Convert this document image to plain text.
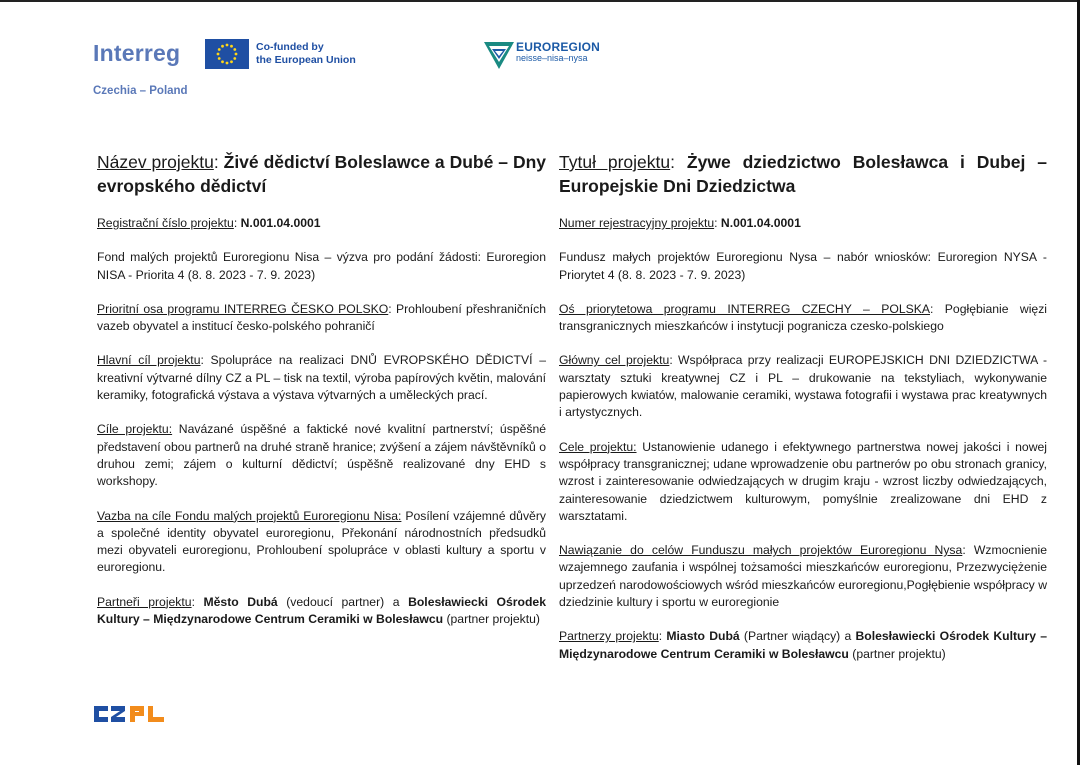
Interreg	Co-funded by
the European Union
Czechia – Poland
EUROREGION
neisse–nisa–nysa
Název projektu: Živé dědictví Boleslawce a Dubé – Dny evropského dědictví

Registrační číslo projektu: N.001.04.0001

Fond malých projektů Euroregionu Nisa – výzva pro podání žádosti: Euroregion NISA - Priorita 4 (8. 8. 2023 - 7. 9. 2023)

Prioritní osa programu INTERREG ČESKO POLSKO: Prohloubení přeshraničních vazeb obyvatel a institucí česko-polského pohraničí

Hlavní cíl projektu: Spolupráce na realizaci DNŮ EVROPSKÉHO DĚDICTVÍ – kreativní výtvarné dílny CZ a PL – tisk na textil, výroba papírových květin, malování keramiky, fotografická výstava a výstava výtvarných a uměleckých prací.

Cíle projektu: Navázané úspěšné a faktické nové kvalitní partnerství; úspěšné představení obou partnerů na druhé straně hranice; zvýšení a zájem návštěvníků o druhou zemi; zájem o kulturní dědictví; úspěšně realizované dny EHD s workshopy.

Vazba na cíle Fondu malých projektů Euroregionu Nisa: Posílení vzájemné důvěry a společné identity obyvatel euroregionu, Překonání národnostních předsudků mezi obyvateli euroregionu, Prohloubení spolupráce v oblasti kultury a sportu v euroregionu.

Partneři projektu: Město Dubá (vedoucí partner) a Bolesławiecki Ośrodek Kultury – Międzynarodowe Centrum Ceramiki w Bolesławcu (partner projektu)

Tytuł projektu: Żywe dziedzictwo Bolesławca i Dubej – Europejskie Dni Dziedzictwa

Numer rejestracyjny projektu: N.001.04.0001

Fundusz małych projektów Euroregionu Nysa – nabór wniosków: Euroregion NYSA - Priorytet 4 (8. 8. 2023 - 7. 9. 2023)

Oś priorytetowa programu INTERREG CZECHY – POLSKA: Pogłębianie więzi transgranicznych mieszkańców i instytucji pogranicza czesko-polskiego

Główny cel projektu: Współpraca przy realizacji EUROPEJSKICH DNI DZIEDZICTWA - warsztaty sztuki kreatywnej CZ i PL – drukowanie na tekstyliach, wykonywanie papierowych kwiatów, malowanie ceramiki, wystawa fotografii i wystawa prac kreatywnych i artystycznych.

Cele projektu: Ustanowienie udanego i efektywnego partnerstwa nowej jakości i nowej współpracy transgranicznej; udane wprowadzenie obu partnerów po obu stronach granicy, wzrost i zainteresowanie odwiedzających w drugim kraju - wzrost liczby odwiedzających, zainteresowanie dziedzictwem kulturowym, pomyślnie zrealizowane dni EHD z warsztatami.

Nawiązanie do celów Funduszu małych projektów Euroregionu Nysa: Wzmocnienie wzajemnego zaufania i wspólnej tożsamości mieszkańców euroregionu, Przezwyciężenie uprzedzeń narodowościowych wśród mieszkańców euroregionu,Pogłębienie współpracy w dziedzinie kultury i sportu w euroregionie

Partnerzy projektu: Miasto Dubá (Partner wiądący) a Bolesławiecki Ośrodek Kultury – Międzynarodowe Centrum Ceramiki w Bolesławcu (partner projektu)
